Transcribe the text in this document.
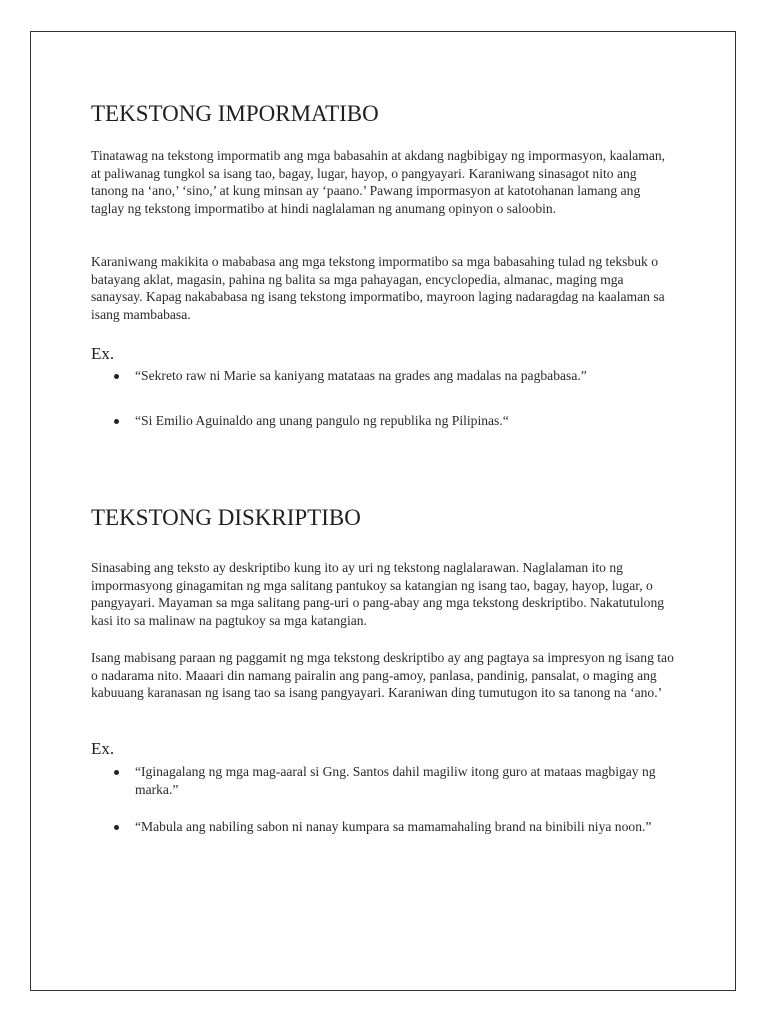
TEKSTONG IMPORMATIBO

Tinatawag na tekstong impormatib ang mga babasahin at akdang nagbibigay ng impormasyon, kaalaman, at paliwanag tungkol sa isang tao, bagay, lugar, hayop, o pangyayari. Karaniwang sinasagot nito ang tanong na ‘ano,’ ‘sino,’ at kung minsan ay ‘paano.’ Pawang impormasyon at katotohanan lamang ang taglay ng tekstong impormatibo at hindi naglalaman ng anumang opinyon o saloobin.

Karaniwang makikita o mababasa ang mga tekstong impormatibo sa mga babasahing tulad ng teksbuk o batayang aklat, magasin, pahina ng balita sa mga pahayagan, encyclopedia, almanac, maging mga sanaysay. Kapag nakababasa ng isang tekstong impormatibo, mayroon laging nadaragdag na kaalaman sa isang mambabasa.

Ex.
“Sekreto raw ni Marie sa kaniyang matataas na grades ang madalas na pagbabasa.”
“Si Emilio Aguinaldo ang unang pangulo ng republika ng Pilipinas.“
TEKSTONG DISKRIPTIBO

Sinasabing ang teksto ay deskriptibo kung ito ay uri ng tekstong naglalarawan. Naglalaman ito ng impormasyong ginagamitan ng mga salitang pantukoy sa katangian ng isang tao, bagay, hayop, lugar, o pangyayari. Mayaman sa mga salitang pang-uri o pang-abay ang mga tekstong deskriptibo. Nakatutulong kasi ito sa malinaw na pagtukoy sa mga katangian.

Isang mabisang paraan ng paggamit ng mga tekstong deskriptibo ay ang pagtaya sa impresyon ng isang tao o nadarama nito. Maaari din namang pairalin ang pang-amoy, panlasa, pandinig, pansalat, o maging ang kabuuang karanasan ng isang tao sa isang pangyayari. Karaniwan ding tumutugon ito sa tanong na ‘ano.’

Ex.
“Iginagalang ng mga mag-aaral si Gng. Santos dahil magiliw itong guro at mataas magbigay ng marka.”
“Mabula ang nabiling sabon ni nanay kumpara sa mamamahaling brand na binibili niya noon.”
